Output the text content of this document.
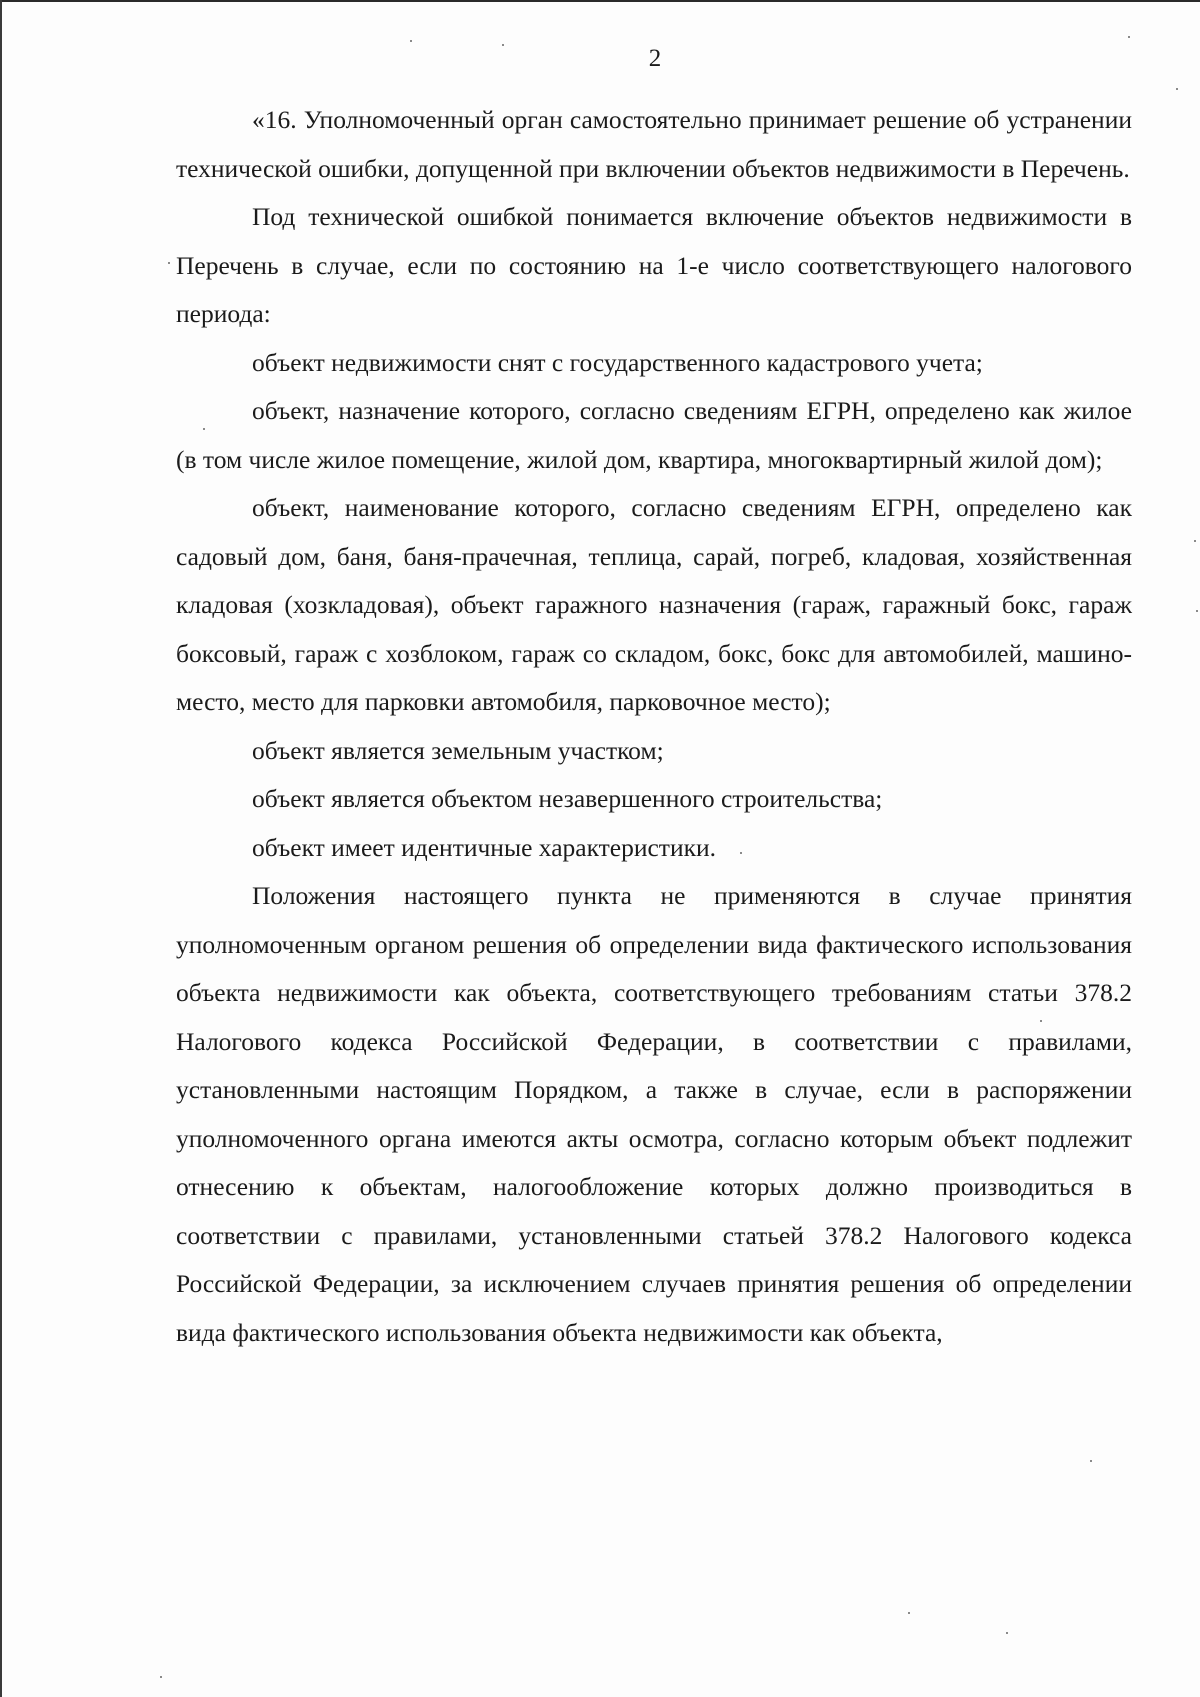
2

«16. Уполномоченный орган самостоятельно принимает решение об устранении технической ошибки, допущенной при включении объектов недвижимости в Перечень.

Под технической ошибкой понимается включение объектов недвижимости в Перечень в случае, если по состоянию на 1-е число соответствующего налогового периода:

объект недвижимости снят с государственного кадастрового учета;

объект, назначение которого, согласно сведениям ЕГРН, определено как жилое (в том числе жилое помещение, жилой дом, квартира, многоквартирный жилой дом);

объект, наименование которого, согласно сведениям ЕГРН, определено как садовый дом, баня, баня-прачечная, теплица, сарай, погреб, кладовая, хозяйственная кладовая (хозкладовая), объект гаражного назначения (гараж, гаражный бокс, гараж боксовый, гараж с хозблоком, гараж со складом, бокс, бокс для автомобилей, машино-место, место для парковки автомобиля, парковочное место);

объект является земельным участком;

объект является объектом незавершенного строительства;

объект имеет идентичные характеристики.

Положения настоящего пункта не применяются в случае принятия уполномоченным органом решения об определении вида фактического использования объекта недвижимости как объекта, соответствующего требованиям статьи 378.2 Налогового кодекса Российской Федерации, в соответствии с правилами, установленными настоящим Порядком, а также в случае, если в распоряжении уполномоченного органа имеются акты осмотра, согласно которым объект подлежит отнесению к объектам, налогообложение которых должно производиться в соответствии с правилами, установленными статьей 378.2 Налогового кодекса Российской Федерации, за исключением случаев принятия решения об определении вида фактического использования объекта недвижимости как объекта,
